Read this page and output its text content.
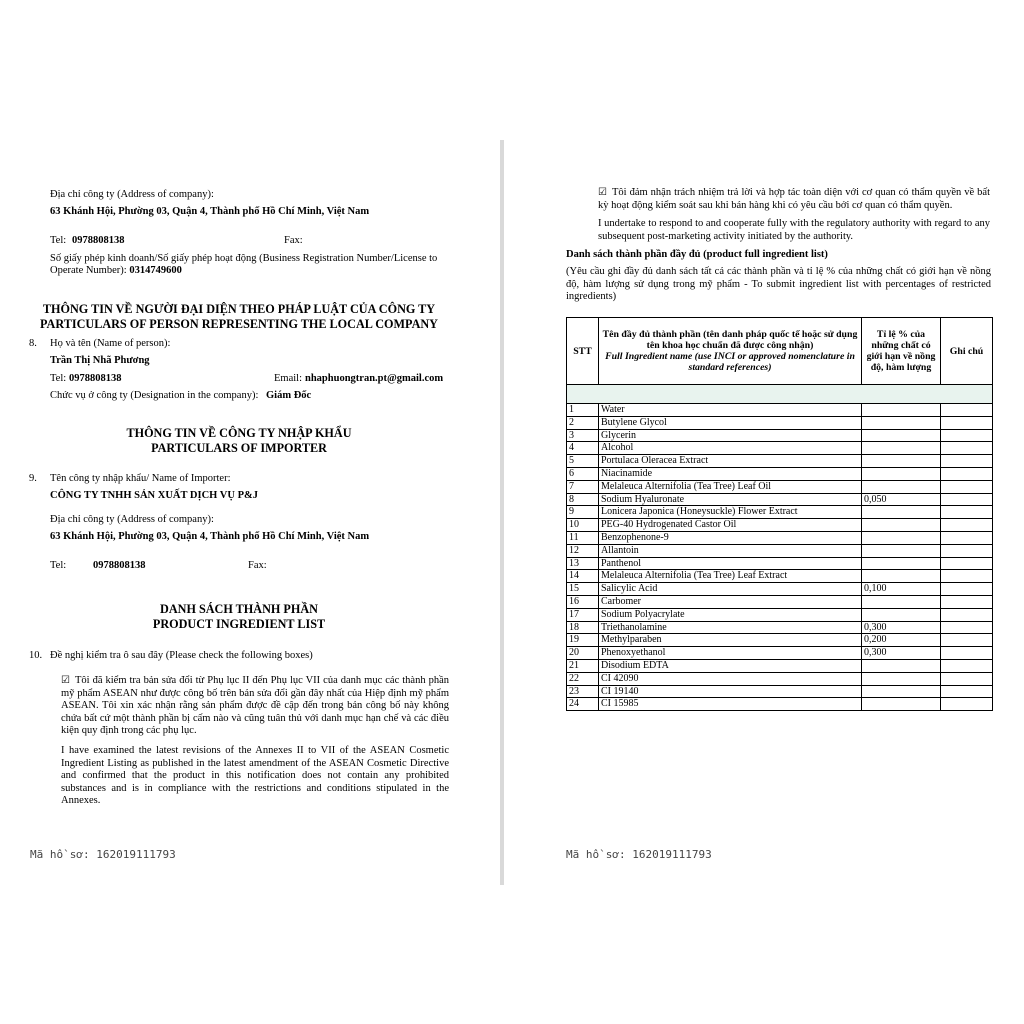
Địa chỉ công ty (Address of company):
63 Khánh Hội, Phường 03, Quận 4, Thành phố Hồ Chí Minh, Việt Nam
Tel: 0978808138	Fax:
Số giấy phép kinh doanh/Số giấy phép hoạt động (Business Registration Number/License to
Operate Number): 0314749600
THÔNG TIN VỀ NGƯỜI ĐẠI DIỆN THEO PHÁP LUẬT CỦA CÔNG TY
PARTICULARS OF PERSON REPRESENTING THE LOCAL COMPANY
8. Họ và tên (Name of person):
Trần Thị Nhã Phương
Tel: 0978808138	Email: nhaphuongtran.pt@gmail.com
Chức vụ ở công ty (Designation in the company): Giám Đốc
THÔNG TIN VỀ CÔNG TY NHẬP KHẨU
PARTICULARS OF IMPORTER
9. Tên công ty nhập khẩu/ Name of Importer:
CÔNG TY TNHH SẢN XUẤT DỊCH VỤ P&J
Địa chỉ công ty (Address of company):
63 Khánh Hội, Phường 03, Quận 4, Thành phố Hồ Chí Minh, Việt Nam
Tel:	0978808138	Fax:
DANH SÁCH THÀNH PHẦN
PRODUCT INGREDIENT LIST
10. Đề nghị kiểm tra ô sau đây (Please check the following boxes)
☑ Tôi đã kiểm tra bản sửa đổi từ Phụ lục II đến Phụ lục VII của danh mục các thành phần mỹ phẩm ASEAN như được công bố trên bản sửa đổi gần đây nhất của Hiệp định mỹ phẩm ASEAN. Tôi xin xác nhận rằng sản phẩm được đề cập đến trong bản công bố này không chứa bất cứ một thành phần bị cấm nào và cũng tuân thủ với danh mục hạn chế và các điều kiện quy định trong các phụ lục.
I have examined the latest revisions of the Annexes II to VII of the ASEAN Cosmetic Ingredient Listing as published in the latest amendment of the ASEAN Cosmetic Directive and confirmed that the product in this notification does not contain any prohibited substances and is in compliance with the restrictions and conditions stipulated in the Annexes.
Mã hồ sơ: 162019111793
☑ Tôi đảm nhận trách nhiệm trả lời và hợp tác toàn diện với cơ quan có thẩm quyền về bất kỳ hoạt động kiểm soát sau khi bán hàng khi có yêu cầu bởi cơ quan có thẩm quyền.
I undertake to respond to and cooperate fully with the regulatory authority with regard to any subsequent post-marketing activity initiated by the authority.
Danh sách thành phần đầy đủ (product full ingredient list)
(Yêu cầu ghi đầy đủ danh sách tất cả các thành phần và tỉ lệ % của những chất có giới hạn về nồng độ, hàm lượng sử dụng trong mỹ phẩm - To submit ingredient list with percentages of restricted ingredients)
STT	Tên đầy đủ thành phần (tên danh pháp quốc tế hoặc sử dụng tên khoa học chuẩn đã được công nhận)
Full Ingredient name (use INCI or approved nomenclature in standard references)	Tỉ lệ % của những chất có giới hạn về nồng độ, hàm lượng	Ghi chú

1	Water		
2	Butylene Glycol		
3	Glycerin		
4	Alcohol		
5	Portulaca Oleracea Extract		
6	Niacinamide		
7	Melaleuca Alternifolia (Tea Tree) Leaf Oil		
8	Sodium Hyaluronate	0,050	
9	Lonicera Japonica (Honeysuckle) Flower Extract		
10	PEG-40 Hydrogenated Castor Oil		
11	Benzophenone-9		
12	Allantoin		
13	Panthenol		
14	Melaleuca Alternifolia (Tea Tree) Leaf Extract		
15	Salicylic Acid	0,100	
16	Carbomer		
17	Sodium Polyacrylate		
18	Triethanolamine	0,300	
19	Methylparaben	0,200	
20	Phenoxyethanol	0,300	
21	Disodium EDTA		
22	CI 42090		
23	CI 19140		
24	CI 15985		
Mã hồ sơ: 162019111793
